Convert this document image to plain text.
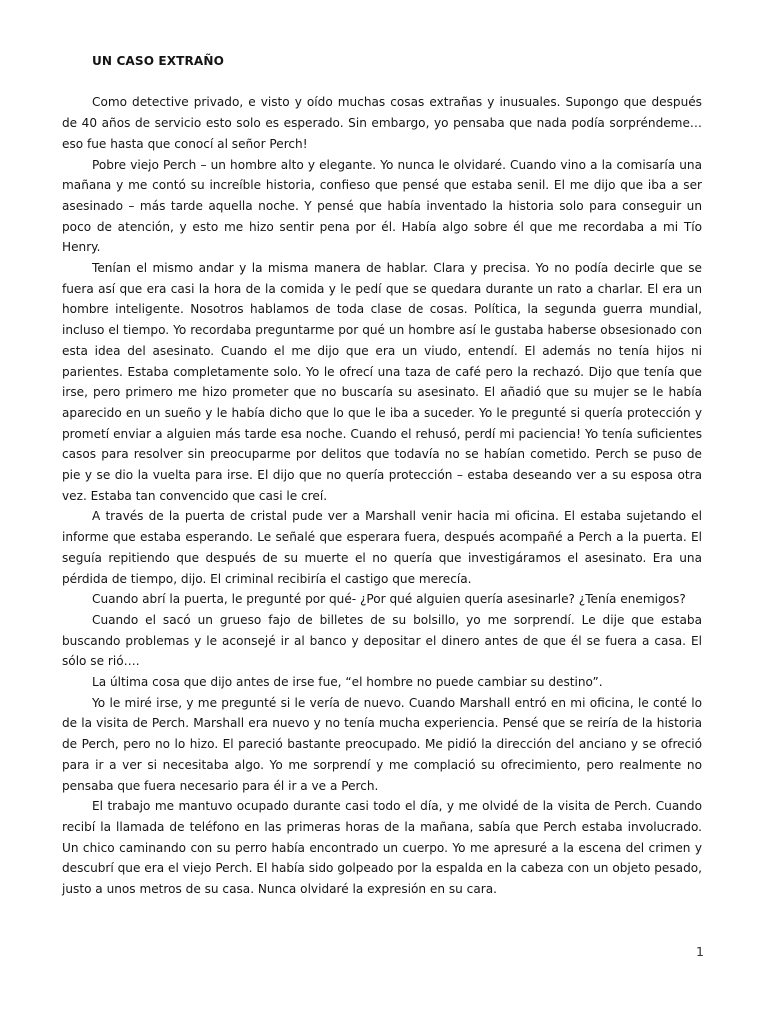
UN CASO EXTRAÑO

Como detective privado, e visto y oído muchas cosas extrañas y inusuales. Supongo que después de 40 años de servicio esto solo es esperado. Sin embargo, yo pensaba que nada podía sorpréndeme…eso fue hasta que conocí al señor Perch!

Pobre viejo Perch – un hombre alto y elegante. Yo nunca le olvidaré. Cuando vino a la comisaría una mañana y me contó su increíble historia, confieso que pensé que estaba senil. El me dijo que iba a ser asesinado – más tarde aquella noche. Y pensé que había inventado la historia solo para conseguir un poco de atención, y esto me hizo sentir pena por él. Había algo sobre él que me recordaba a mi Tío Henry.

Tenían el mismo andar y la misma manera de hablar. Clara y precisa. Yo no podía decirle que se fuera así que era casi la hora de la comida y le pedí que se quedara durante un rato a charlar. El era un hombre inteligente. Nosotros hablamos de toda clase de cosas. Política, la segunda guerra mundial, incluso el tiempo. Yo recordaba preguntarme por qué un hombre así le gustaba haberse obsesionado con esta idea del asesinato. Cuando el me dijo que era un viudo, entendí. El además no tenía hijos ni parientes. Estaba completamente solo. Yo le ofrecí una taza de café pero la rechazó. Dijo que tenía que irse, pero primero me hizo prometer que no buscaría su asesinato. El añadió que su mujer se le había aparecido en un sueño y le había dicho que lo que le iba a suceder. Yo le pregunté si quería protección y prometí enviar a alguien más tarde esa noche. Cuando el rehusó, perdí mi paciencia! Yo tenía suficientes casos para resolver sin preocuparme por delitos que todavía no se habían cometido. Perch se puso de pie y se dio la vuelta para irse. El dijo que no quería protección – estaba deseando ver a su esposa otra vez. Estaba tan convencido que casi le creí.

A través de la puerta de cristal pude ver a Marshall venir hacia mi oficina. El estaba sujetando el informe que estaba esperando. Le señalé que esperara fuera, después acompañé a Perch a la puerta. El seguía repitiendo que después de su muerte el no quería que investigáramos el asesinato. Era una pérdida de tiempo, dijo. El criminal recibiría el castigo que merecía.

Cuando abrí la puerta, le pregunté por qué- ¿Por qué alguien quería asesinarle? ¿Tenía enemigos?

Cuando el sacó un grueso fajo de billetes de su bolsillo, yo me sorprendí. Le dije que estaba buscando problemas y le aconsejé ir al banco y depositar el dinero antes de que él se fuera a casa. El sólo se rió….

La última cosa que dijo antes de irse fue, “el hombre no puede cambiar su destino”.

Yo le miré irse, y me pregunté si le vería de nuevo. Cuando Marshall entró en mi oficina, le conté lo de la visita de Perch. Marshall era nuevo y no tenía mucha experiencia. Pensé que se reiría de la historia de Perch, pero no lo hizo. El pareció bastante preocupado. Me pidió la dirección del anciano y se ofreció para ir a ver si necesitaba algo. Yo me sorprendí y me complació su ofrecimiento, pero realmente no pensaba que fuera necesario para él ir a ve a Perch.

El trabajo me mantuvo ocupado durante casi todo el día, y me olvidé de la visita de Perch. Cuando recibí la llamada de teléfono en las primeras horas de la mañana, sabía que Perch estaba involucrado. Un chico caminando con su perro había encontrado un cuerpo. Yo me apresuré a la escena del crimen y descubrí que era el viejo Perch. El había sido golpeado por la espalda en la cabeza con un objeto pesado, justo a unos metros de su casa. Nunca olvidaré la expresión en su cara.

1
